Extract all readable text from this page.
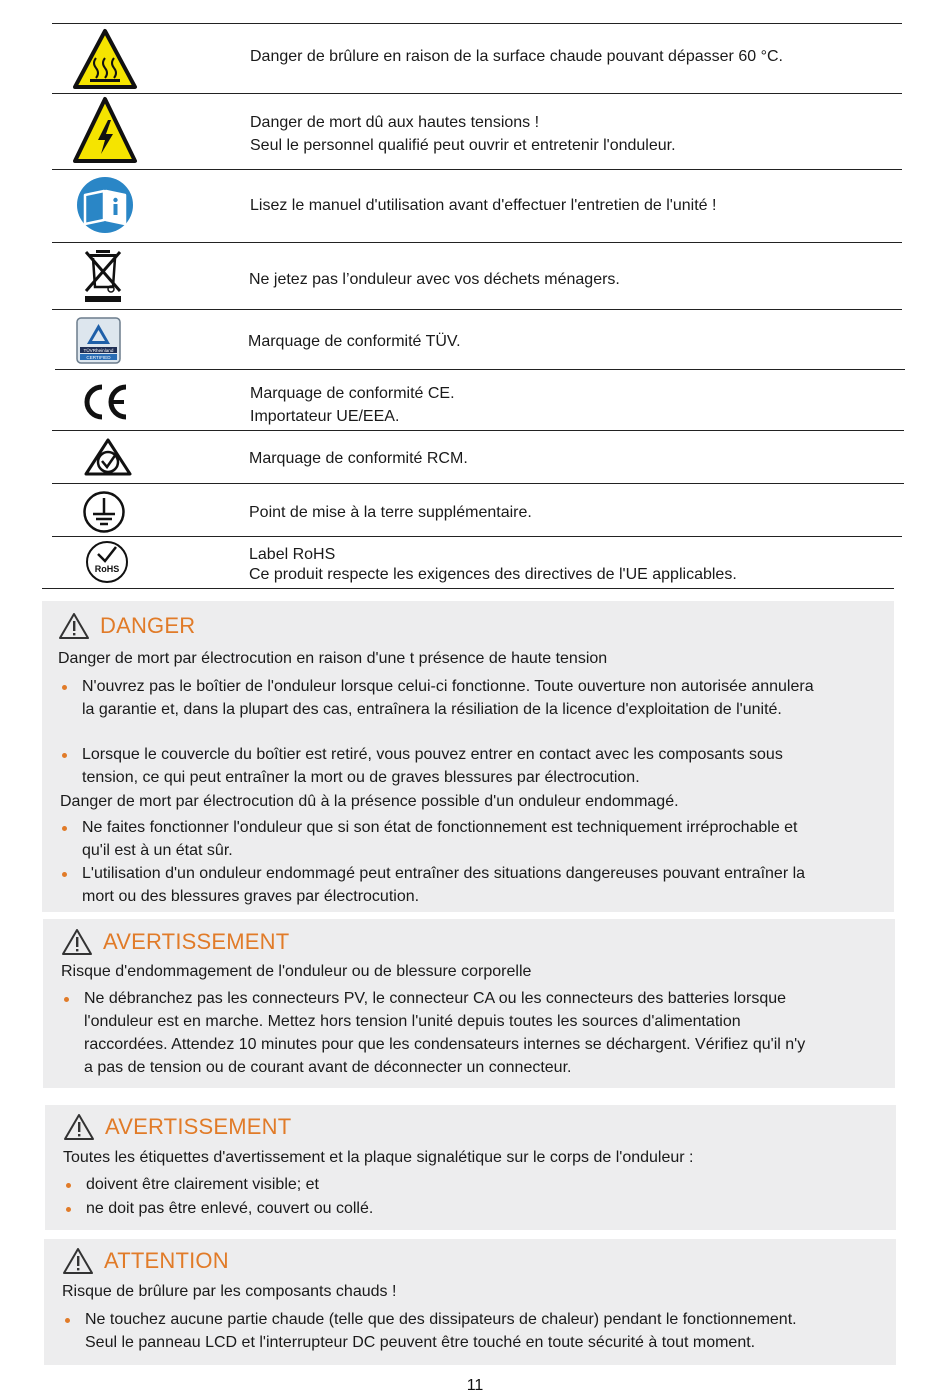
Danger de brûlure en raison de la surface chaude pouvant dépasser 60 °C.
Danger de mort dû aux hautes tensions !
Seul le personnel qualifié peut ouvrir et entretenir l'onduleur.
Lisez le manuel d'utilisation avant d'effectuer l'entretien de l'unité !
Ne jetez pas l’onduleur avec vos déchets ménagers.
TÜVRheinland
CERTIFIED
Marquage de conformité TÜV.
Marquage de conformité CE.
Importateur UE/EEA.
Marquage de conformité RCM.
Point de mise à la terre supplémentaire.
RoHS
Label RoHS
Ce produit respecte les exigences des directives de l'UE applicables.
DANGER
Danger de mort par électrocution en raison d'une t présence de haute tension
N'ouvrez pas le boîtier de l'onduleur lorsque celui-ci fonctionne. Toute ouverture non autorisée annulera
la garantie et, dans la plupart des cas, entraînera la résiliation de la licence d'exploitation de l'unité.
Lorsque le couvercle du boîtier est retiré, vous pouvez entrer en contact avec les composants sous
tension, ce qui peut entraîner la mort ou de graves blessures par électrocution.
Danger de mort par électrocution dû à la présence possible d'un onduleur endommagé.
Ne faites fonctionner l'onduleur que si son état de fonctionnement est techniquement irréprochable et
qu'il est à un état sûr.
L'utilisation d'un onduleur endommagé peut entraîner des situations dangereuses pouvant entraîner la
mort ou des blessures graves par électrocution.
AVERTISSEMENT
Risque d'endommagement de l'onduleur ou de blessure corporelle
Ne débranchez pas les connecteurs PV, le connecteur CA ou les connecteurs des batteries lorsque
l'onduleur est en marche. Mettez hors tension l'unité depuis toutes les sources d'alimentation
raccordées. Attendez 10 minutes pour que les condensateurs internes se déchargent. Vérifiez qu'il n'y
a pas de tension ou de courant avant de déconnecter un connecteur.
AVERTISSEMENT
Toutes les étiquettes d'avertissement et la plaque signalétique sur le corps de l'onduleur :
doivent être clairement visible; et
ne doit pas être enlevé, couvert ou collé.
ATTENTION
Risque de brûlure par les composants chauds !
Ne touchez aucune partie chaude (telle que des dissipateurs de chaleur) pendant le fonctionnement.
Seul le panneau LCD et l'interrupteur DC peuvent être touché en toute sécurité à tout moment.
11
